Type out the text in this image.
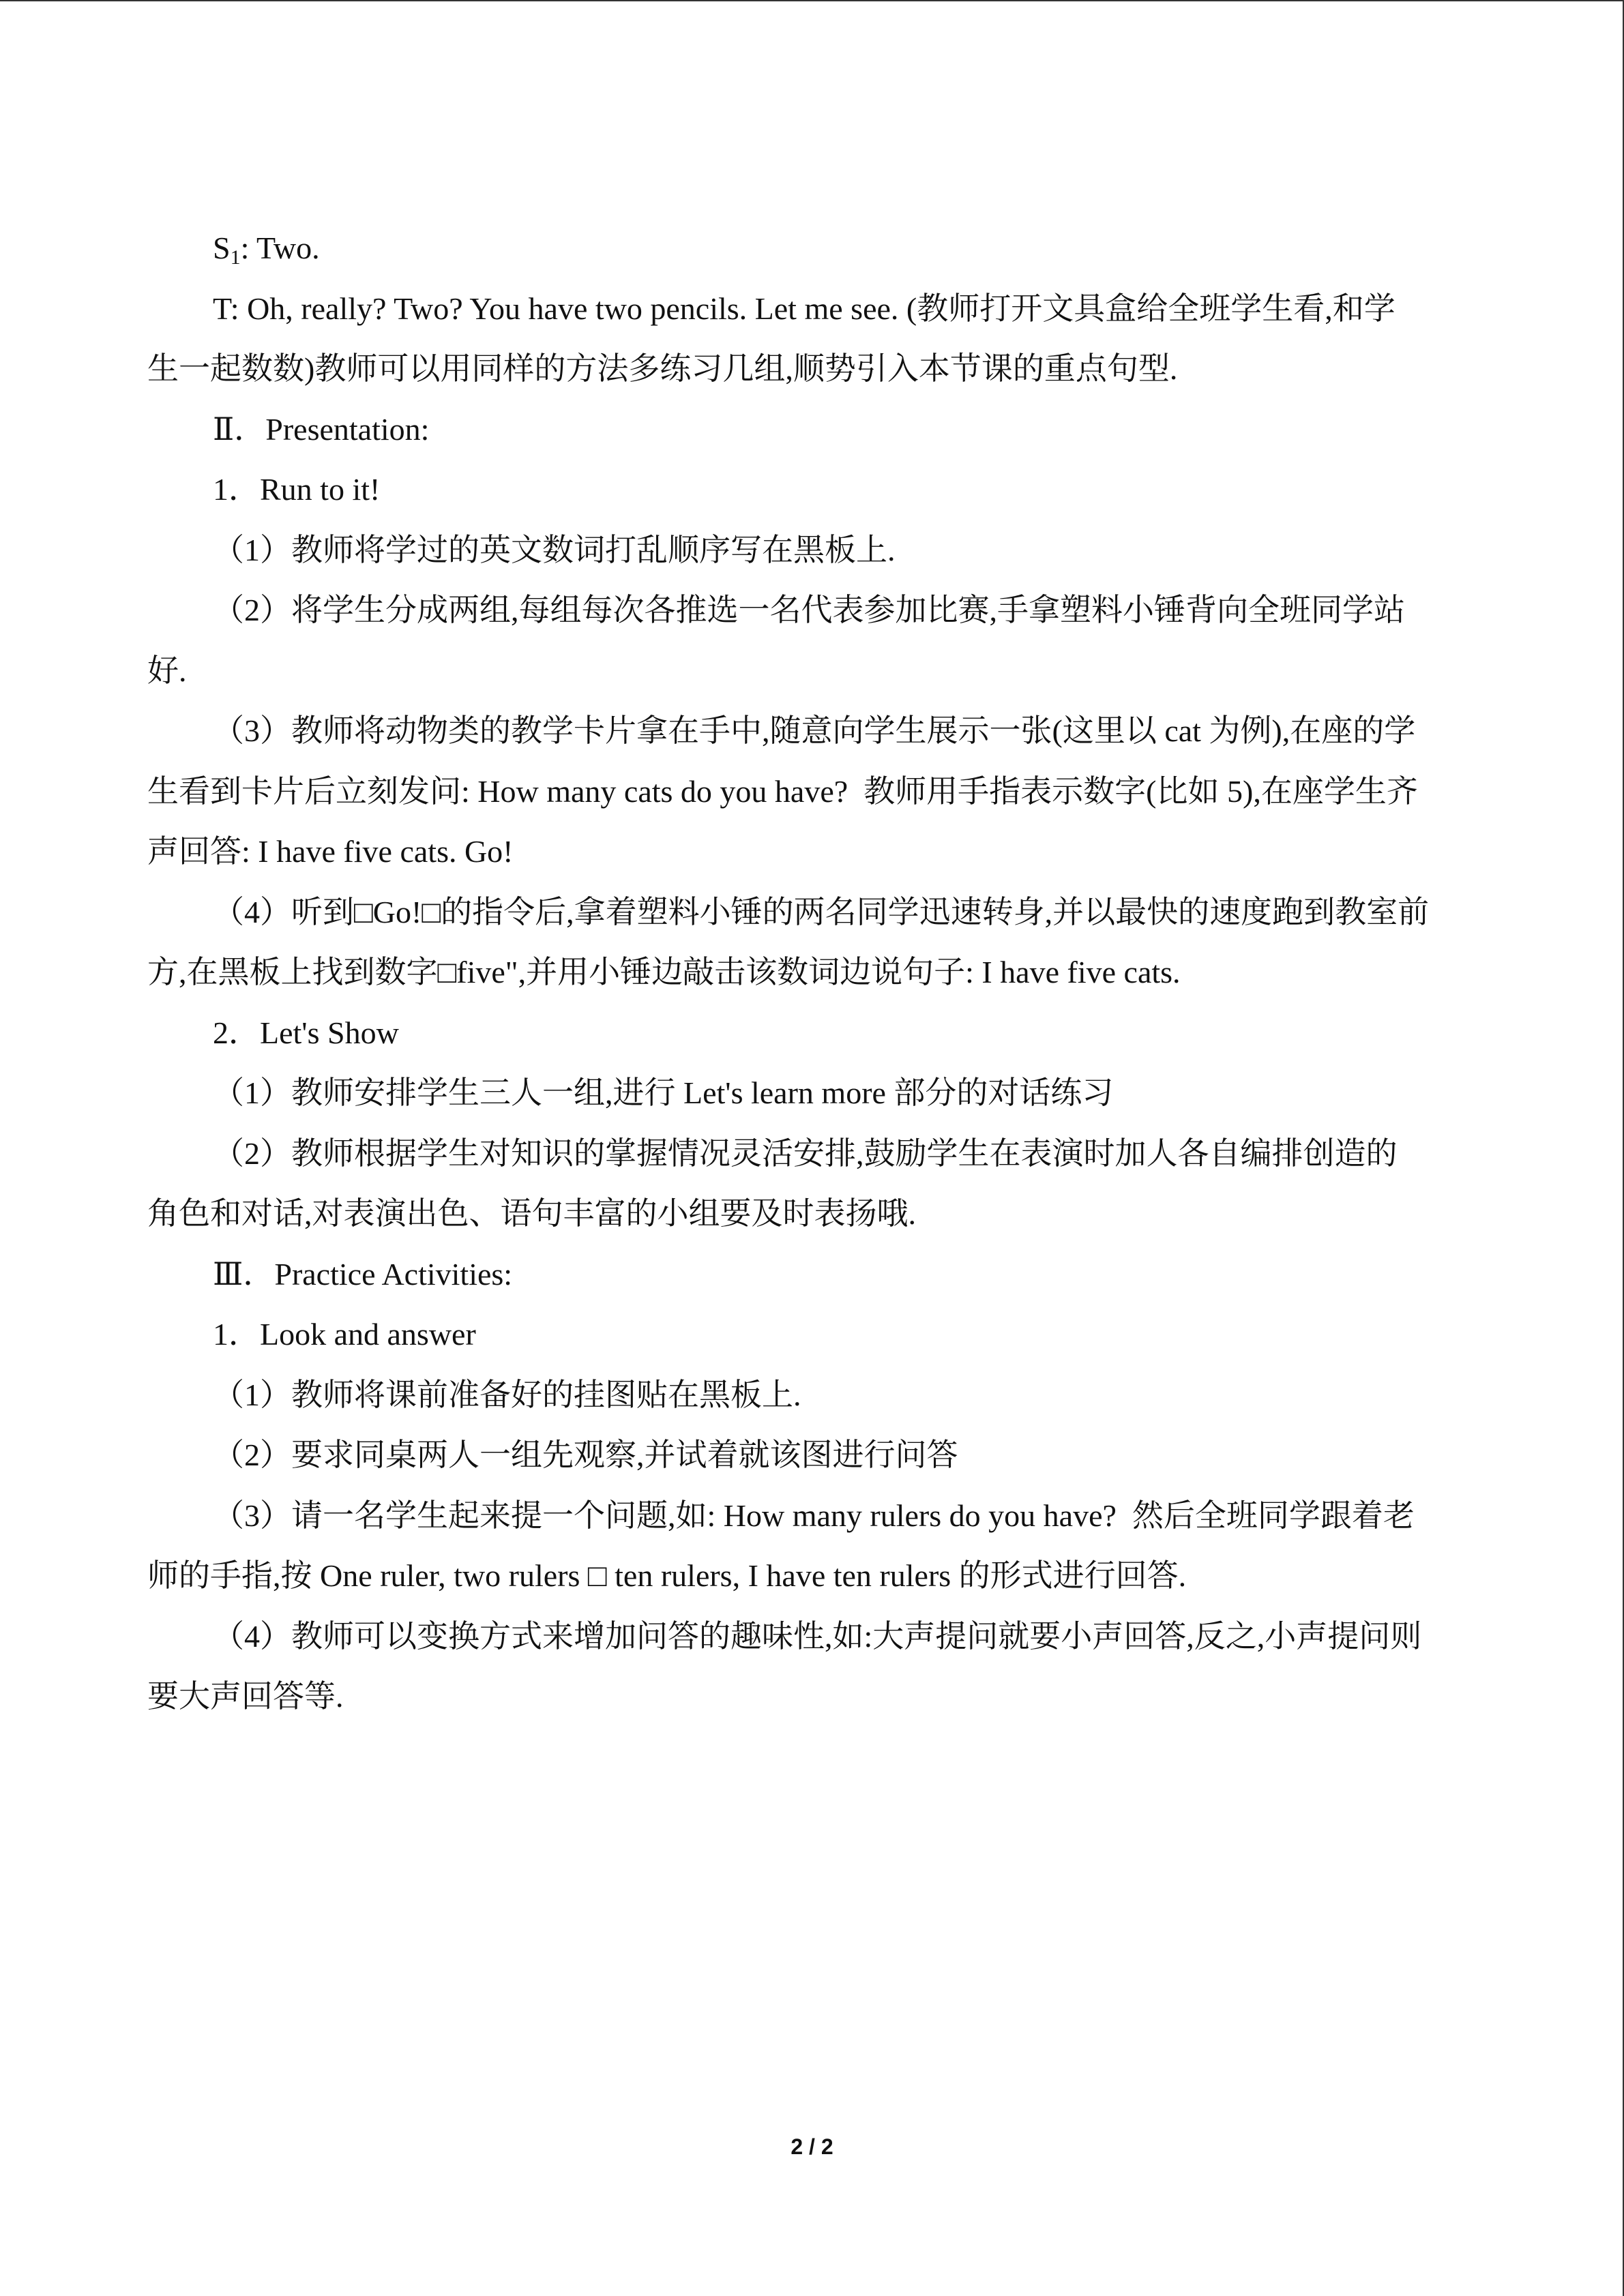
$S_1$: Two.

T: Oh, really? Two? You have two pencils. Let me see. (教师打开文具盒给全班学生看,和学

生一起数数)教师可以用同样的方法多练习几组,顺势引入本节课的重点句型.

Ⅱ．Presentation:

1．Run to it!

（1）教师将学过的英文数词打乱顺序写在黑板上.

（2）将学生分成两组,每组每次各推选一名代表参加比赛,手拿塑料小锤背向全班同学站

好.

（3）教师将动物类的教学卡片拿在手中,随意向学生展示一张(这里以 cat 为例),在座的学

生看到卡片后立刻发问: How many cats do you have?  教师用手指表示数字(比如 5),在座学生齐

声回答: I have five cats. Go!

（4）听到□Go!□的指令后,拿着塑料小锤的两名同学迅速转身,并以最快的速度跑到教室前

方,在黑板上找到数字□five",并用小锤边敲击该数词边说句子: I have five cats.

2．Let's Show

（1）教师安排学生三人一组,进行 Let's learn more 部分的对话练习

（2）教师根据学生对知识的掌握情况灵活安排,鼓励学生在表演时加人各自编排创造的

角色和对话,对表演出色、语句丰富的小组要及时表扬哦.

Ⅲ．Practice Activities:

1．Look and answer

（1）教师将课前准备好的挂图贴在黑板上.

（2）要求同桌两人一组先观察,并试着就该图进行问答

（3）请一名学生起来提一个问题,如: How many rulers do you have?  然后全班同学跟着老

师的手指,按 One ruler, two rulers □ ten rulers, I have ten rulers 的形式进行回答.

（4）教师可以变换方式来增加问答的趣味性,如:大声提问就要小声回答,反之,小声提问则

要大声回答等.

2 / 2
